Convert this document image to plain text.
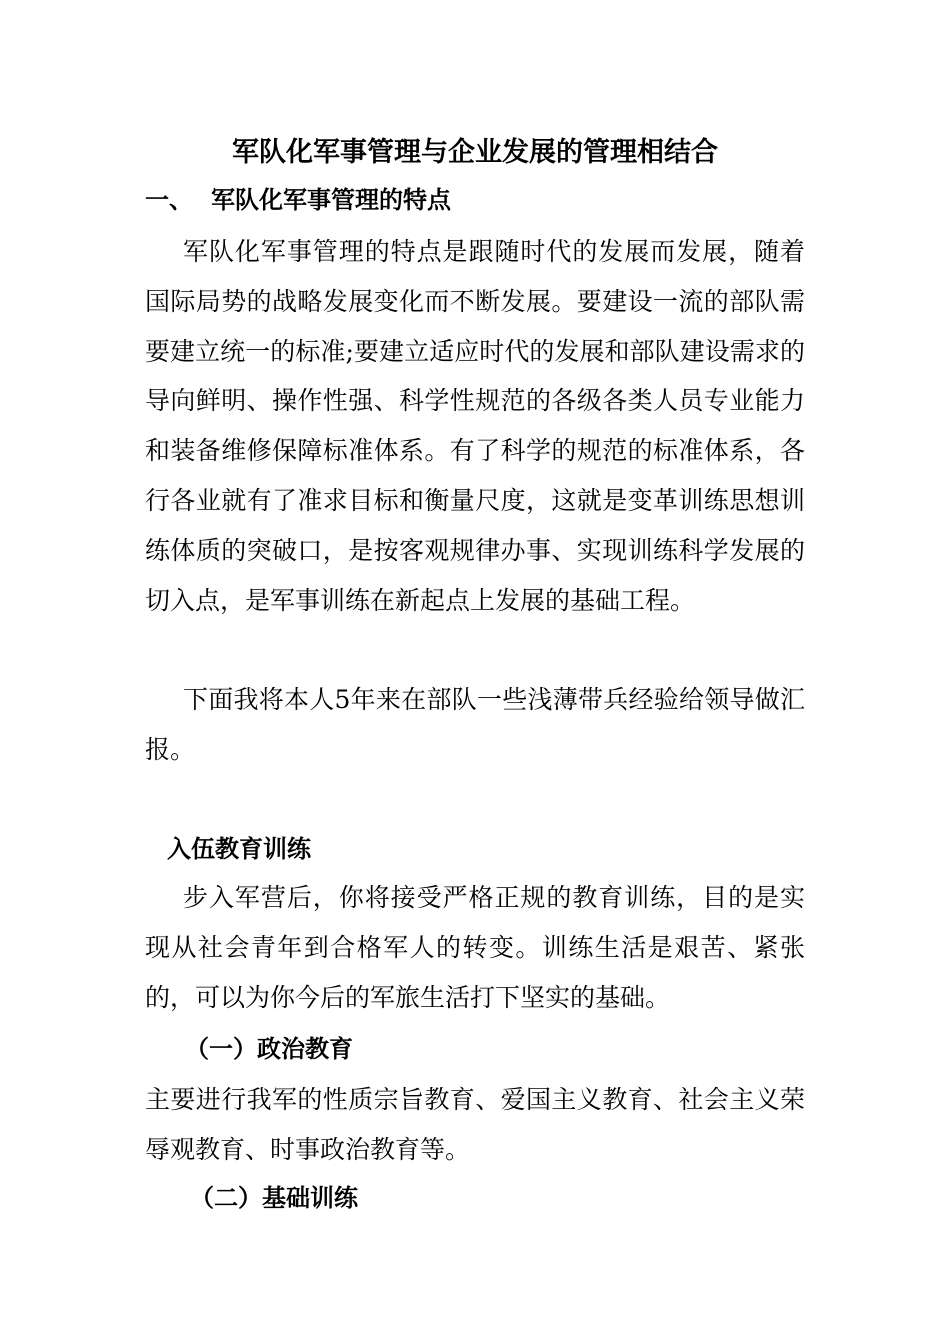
军队化军事管理与企业发展的管理相结合
一、 军队化军事管理的特点
军队化军事管理的特点是跟随时代的发展而发展，随着国际局势的战略发展变化而不断发展。要建设一流的部队需要建立统一的标准;要建立适应时代的发展和部队建设需求的导向鲜明、操作性强、科学性规范的各级各类人员专业能力和装备维修保障标准体系。有了科学的规范的标准体系，各行各业就有了准求目标和衡量尺度，这就是变革训练思想训练体质的突破口，是按客观规律办事、实现训练科学发展的切入点，是军事训练在新起点上发展的基础工程。
下面我将本人5年来在部队一些浅薄带兵经验给领导做汇报。
入伍教育训练
步入军营后，你将接受严格正规的教育训练，目的是实现从社会青年到合格军人的转变。训练生活是艰苦、紧张的，可以为你今后的军旅生活打下坚实的基础。
（一）政治教育
主要进行我军的性质宗旨教育、爱国主义教育、社会主义荣辱观教育、时事政治教育等。
（二）基础训练
